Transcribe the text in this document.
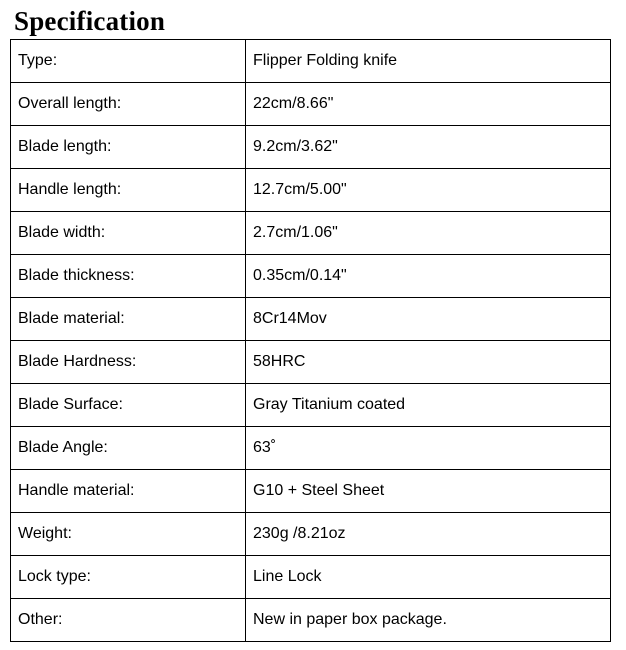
Specification
Type:	Flipper Folding knife
Overall length:	22cm/8.66"
Blade length:	9.2cm/3.62"
Handle length:	12.7cm/5.00"
Blade width:	2.7cm/1.06"
Blade thickness:	0.35cm/0.14"
Blade material:	8Cr14Mov
Blade Hardness:	58HRC
Blade Surface:	Gray Titanium coated
Blade Angle:	63˚
Handle material:	G10 + Steel Sheet
Weight:	230g /8.21oz
Lock type:	Line Lock
Other:	New in paper box package.
